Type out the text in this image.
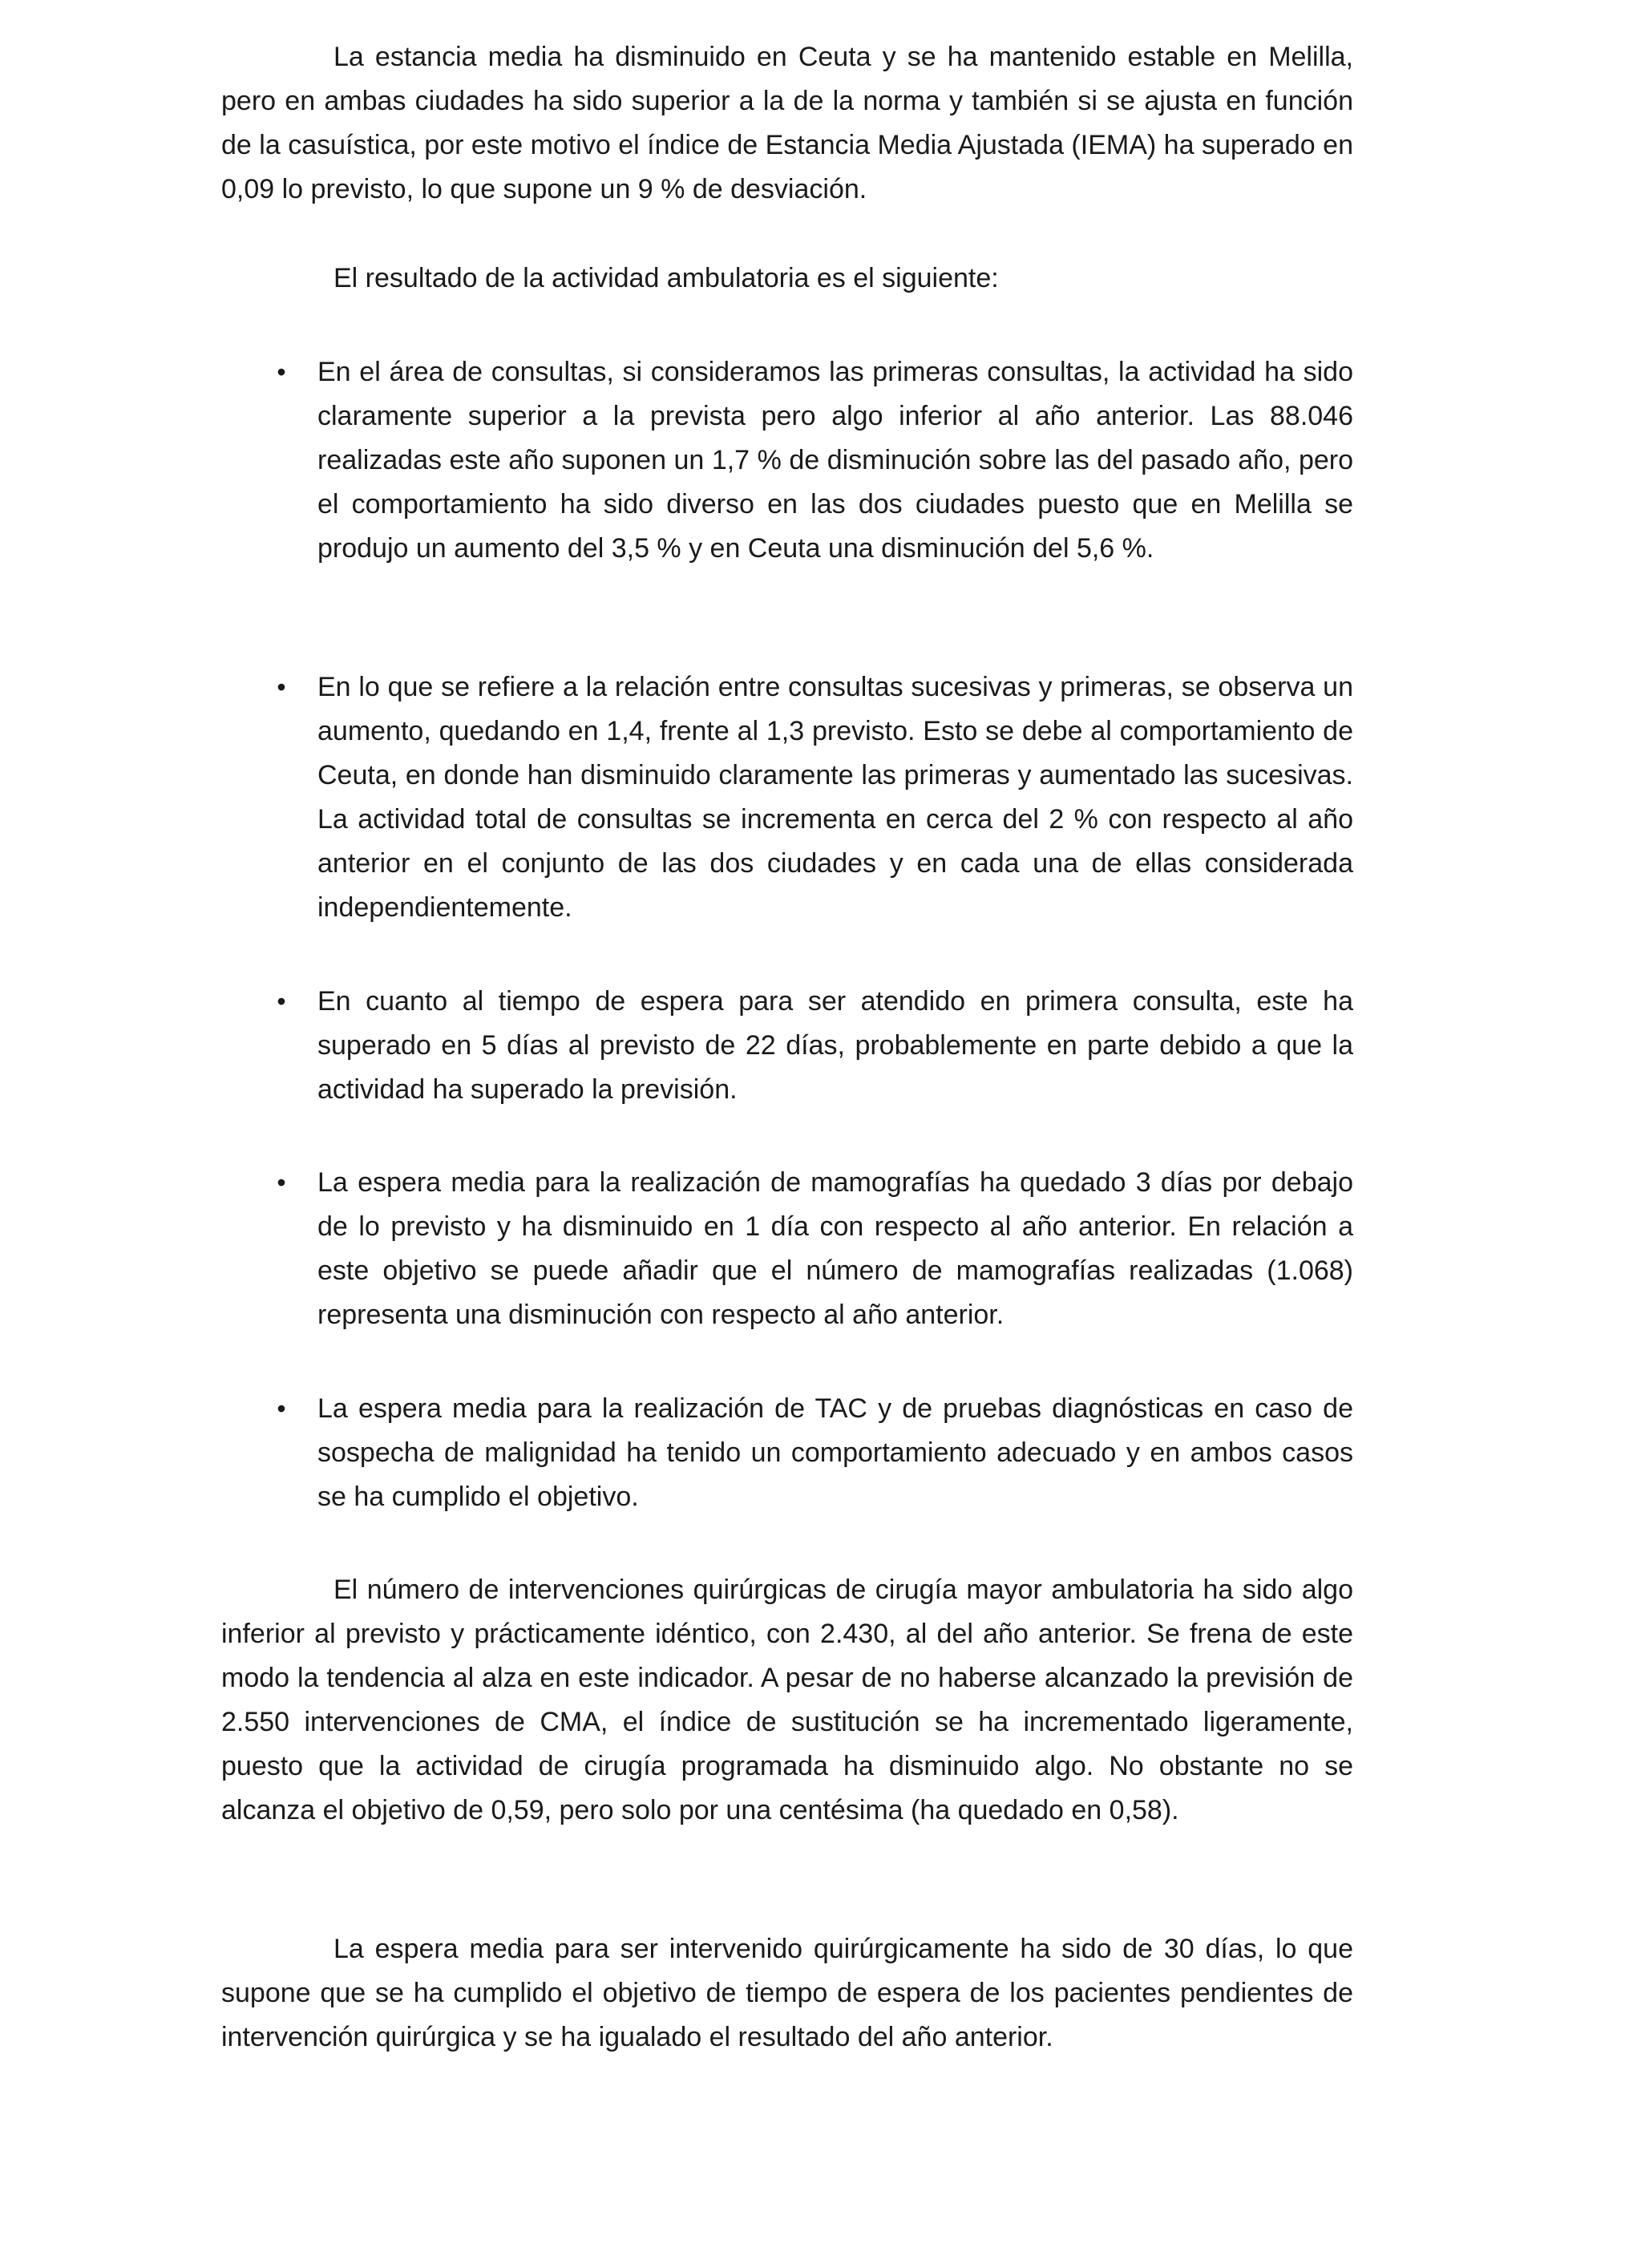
La estancia media ha disminuido en Ceuta y se ha mantenido estable en Melilla, pero en ambas ciudades ha sido superior a la de la norma y también si se ajusta en función de la casuística, por este motivo el índice de Estancia Media Ajustada (IEMA) ha superado en 0,09 lo previsto, lo que supone un 9 % de desviación.

El resultado de la actividad ambulatoria es el siguiente:

• En el área de consultas, si consideramos las primeras consultas, la actividad ha sido claramente superior a la prevista pero algo inferior al año anterior. Las 88.046 realizadas este año suponen un 1,7 % de disminución sobre las del pasado año, pero el comportamiento ha sido diverso en las dos ciudades puesto que en Melilla se produjo un aumento del 3,5 % y en Ceuta una disminución del 5,6 %.

• En lo que se refiere a la relación entre consultas sucesivas y primeras, se observa un aumento, quedando en 1,4, frente al 1,3 previsto. Esto se debe al comportamiento de Ceuta, en donde han disminuido claramente las primeras y aumentado las sucesivas. La actividad total de consultas se incrementa en cerca del 2 % con respecto al año anterior en el conjunto de las dos ciudades y en cada una de ellas considerada independientemente.

• En cuanto al tiempo de espera para ser atendido en primera consulta, este ha superado en 5 días al previsto de 22 días, probablemente en parte debido a que la actividad ha superado la previsión.

• La espera media para la realización de mamografías ha quedado 3 días por debajo de lo previsto y ha disminuido en 1 día con respecto al año anterior. En relación a este objetivo se puede añadir que el número de mamografías realizadas (1.068) representa una disminución con respecto al año anterior.

• La espera media para la realización de TAC y de pruebas diagnósticas en caso de sospecha de malignidad ha tenido un comportamiento adecuado y en ambos casos se ha cumplido el objetivo.

El número de intervenciones quirúrgicas de cirugía mayor ambulatoria ha sido algo inferior al previsto y prácticamente idéntico, con 2.430, al del año anterior. Se frena de este modo la tendencia al alza en este indicador. A pesar de no haberse alcanzado la previsión de 2.550 intervenciones de CMA, el índice de sustitución se ha incrementado ligeramente, puesto que la actividad de cirugía programada ha disminuido algo. No obstante no se alcanza el objetivo de 0,59, pero solo por una centésima (ha quedado en 0,58).

La espera media para ser intervenido quirúrgicamente ha sido de 30 días, lo que supone que se ha cumplido el objetivo de tiempo de espera de los pacientes pendientes de intervención quirúrgica y se ha igualado el resultado del año anterior.
